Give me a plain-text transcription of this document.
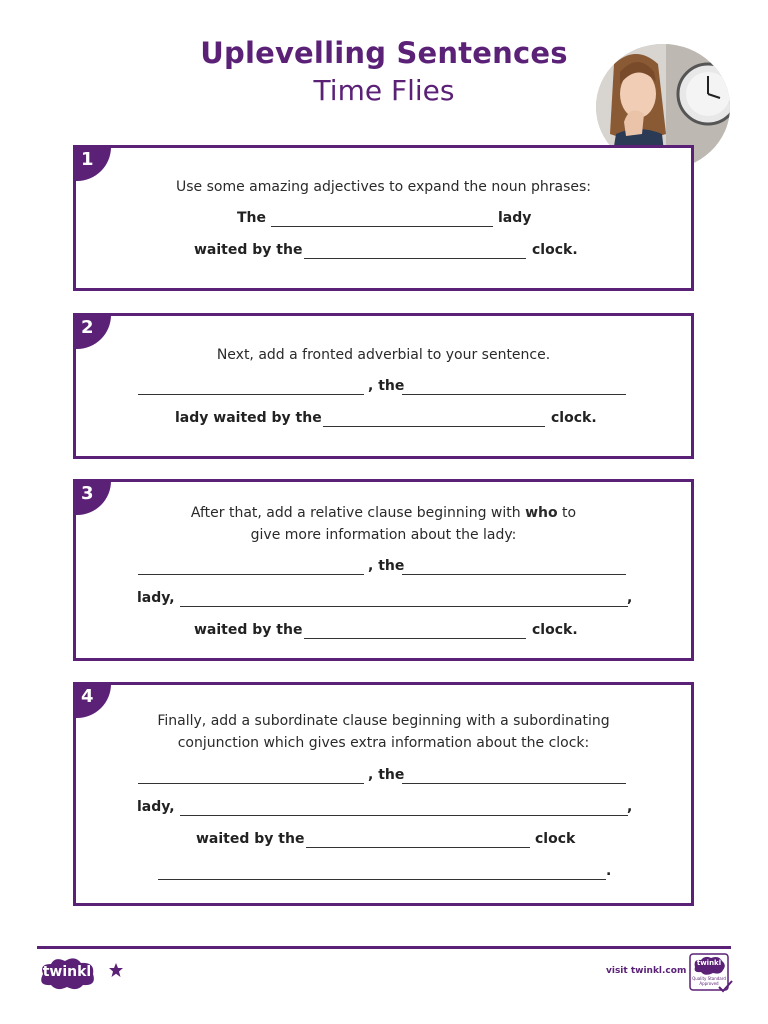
Uplevelling Sentences
Time Flies
1
Use some amazing adjectives to expand the noun phrases:
The	lady
waited by the	clock.
2
Next, add a fronted adverbial to your sentence.
, the
lady waited by the	clock.
3
After that, add a relative clause beginning with who to
give more information about the lady:
, the
lady,	,
waited by the	clock.
4
Finally, add a subordinate clause beginning with a subordinating
conjunction which gives extra information about the clock:
, the
lady,	,
waited by the	clock
.
twinkl	visit twinkl.com
twinkl
Quality Standard
Approved
